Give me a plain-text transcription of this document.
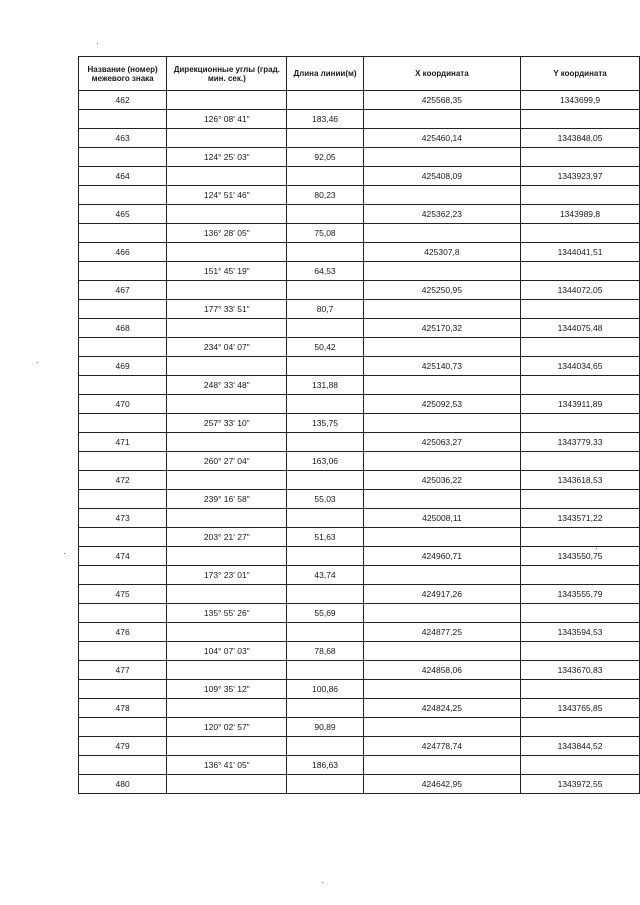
Название (номер) межевого знака	Дирекционные углы (град. мин. сек.)	Длина линии(м)	X координата	Y координата
462			425568,35	1343699,9
	126° 08' 41"	183,46		
463			425460,14	1343848,05
	124° 25' 03"	92,05		
464			425408,09	1343923,97
	124° 51' 46"	80,23		
465			425362,23	1343989,8
	136° 28' 05"	75,08		
466			425307,8	1344041,51
	151° 45' 19"	64,53		
467			425250,95	1344072,05
	177° 33' 51"	80,7		
468			425170,32	1344075,48
	234° 04' 07"	50,42		
469			425140,73	1344034,65
	248° 33' 48"	131,88		
470			425092,53	1343911,89
	257° 33' 10"	135,75		
471			425063,27	1343779,33
	260° 27' 04"	163,06		
472			425036,22	1343618,53
	239° 16' 58"	55,03		
473			425008,11	1343571,22
	203° 21' 27"	51,63		
474			424960,71	1343550,75
	173° 23' 01"	43,74		
475			424917,26	1343555,79
	135° 55' 26"	55,69		
476			424877,25	1343594,53
	104° 07' 03"	78,68		
477			424858,06	1343670,83
	109° 35' 12"	100,86		
478			424824,25	1343765,85
	120° 02' 57"	90,89		
479			424778,74	1343844,52
	136° 41' 05"	186,63		
480			424642,95	1343972,55
